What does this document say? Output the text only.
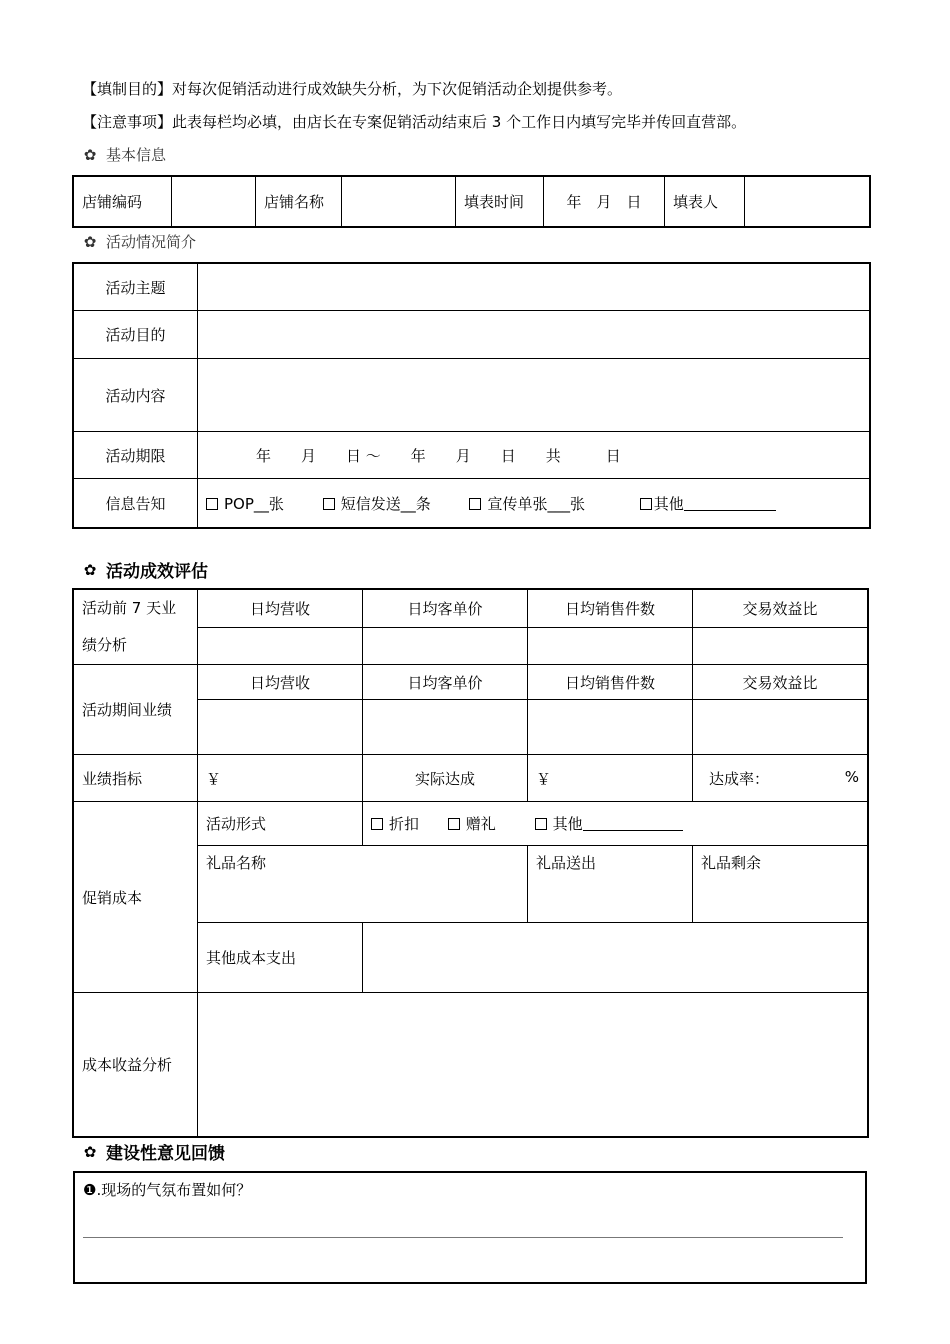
【填制目的】对每次促销活动进行成效缺失分析，为下次促销活动企划提供参考。
【注意事项】此表每栏均必填，由店长在专案促销活动结束后 3 个工作日内填写完毕并传回直营部。
✿ 基本信息
店铺编码		店铺名称		填表时间	年　月　日	填表人	
✿ 活动情况简介
活动主题	
活动目的	
活动内容	
活动期限	年　　月　　日 ～　　年　　月　　日　　共　　　日
信息告知	POP__张 短信发送__条 宣传单张___张 其他
✿ 活动成效评估
活动前 7 天业绩分析	日均营收	日均客单价	日均销售件数	交易效益比

活动期间业绩	日均营收	日均客单价	日均销售件数	交易效益比

业绩指标	￥	实际达成	￥	达成率： %

促销成本	活动形式	折扣 赠礼 其他		
	礼品名称		礼品送出	礼品剩余
	其他成本支出			
成本收益分析				
✿ 建设性意见回馈
❶.现场的气氛布置如何？
